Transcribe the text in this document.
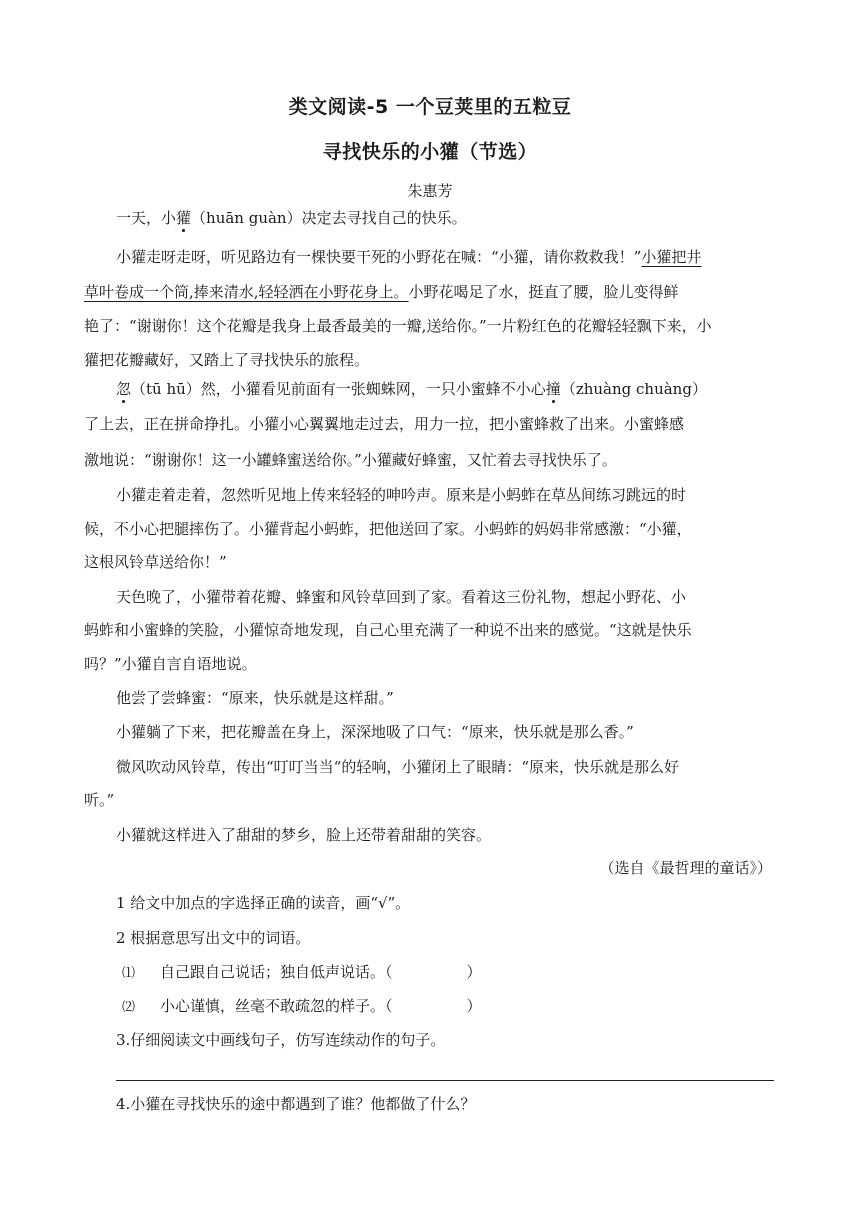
类文阅读-5 一个豆荚里的五粒豆
寻找快乐的小獾（节选）
朱惠芳
一天，小獾（huān guàn）决定去寻找自己的快乐。
小獾走呀走呀，听见路边有一棵快要干死的小野花在喊：“小獾，请你救救我！”小獾把井
草叶卷成一个筒,捧来清水,轻轻洒在小野花身上。小野花喝足了水，挺直了腰，脸儿变得鲜
艳了：“谢谢你！这个花瓣是我身上最香最美的一瓣,送给你。”一片粉红色的花瓣轻轻飘下来，小
獾把花瓣藏好，又踏上了寻找快乐的旅程。
忽（tū hū）然，小獾看见前面有一张蜘蛛网，一只小蜜蜂不小心撞（zhuàng chuàng）
了上去，正在拼命挣扎。小獾小心翼翼地走过去，用力一拉，把小蜜蜂救了出来。小蜜蜂感
激地说：“谢谢你！这一小罐蜂蜜送给你。”小獾藏好蜂蜜，又忙着去寻找快乐了。
小獾走着走着，忽然听见地上传来轻轻的呻吟声。原来是小蚂蚱在草丛间练习跳远的时
候，不小心把腿摔伤了。小獾背起小蚂蚱，把他送回了家。小蚂蚱的妈妈非常感激：“小獾，
这根风铃草送给你！”
天色晚了，小獾带着花瓣、蜂蜜和风铃草回到了家。看着这三份礼物，想起小野花、小
蚂蚱和小蜜蜂的笑脸，小獾惊奇地发现，自己心里充满了一种说不出来的感觉。“这就是快乐
吗？”小獾自言自语地说。
他尝了尝蜂蜜：“原来，快乐就是这样甜。”
小獾躺了下来，把花瓣盖在身上，深深地吸了口气：“原来，快乐就是那么香。”
微风吹动风铃草，传出“叮叮当当“的轻响，小獾闭上了眼睛：“原来，快乐就是那么好
听。”
小獾就这样进入了甜甜的梦乡，脸上还带着甜甜的笑容。
（选自《最哲理的童话》）
1 给文中加点的字选择正确的读音，画“√”。
2 根据意思写出文中的词语。
⑴ 自己跟自己说话；独自低声说话。（	）
⑵ 小心谨慎，丝毫不敢疏忽的样子。（	）
3.仔细阅读文中画线句子，仿写连续动作的句子。
4.小獾在寻找快乐的途中都遇到了谁？他都做了什么？
